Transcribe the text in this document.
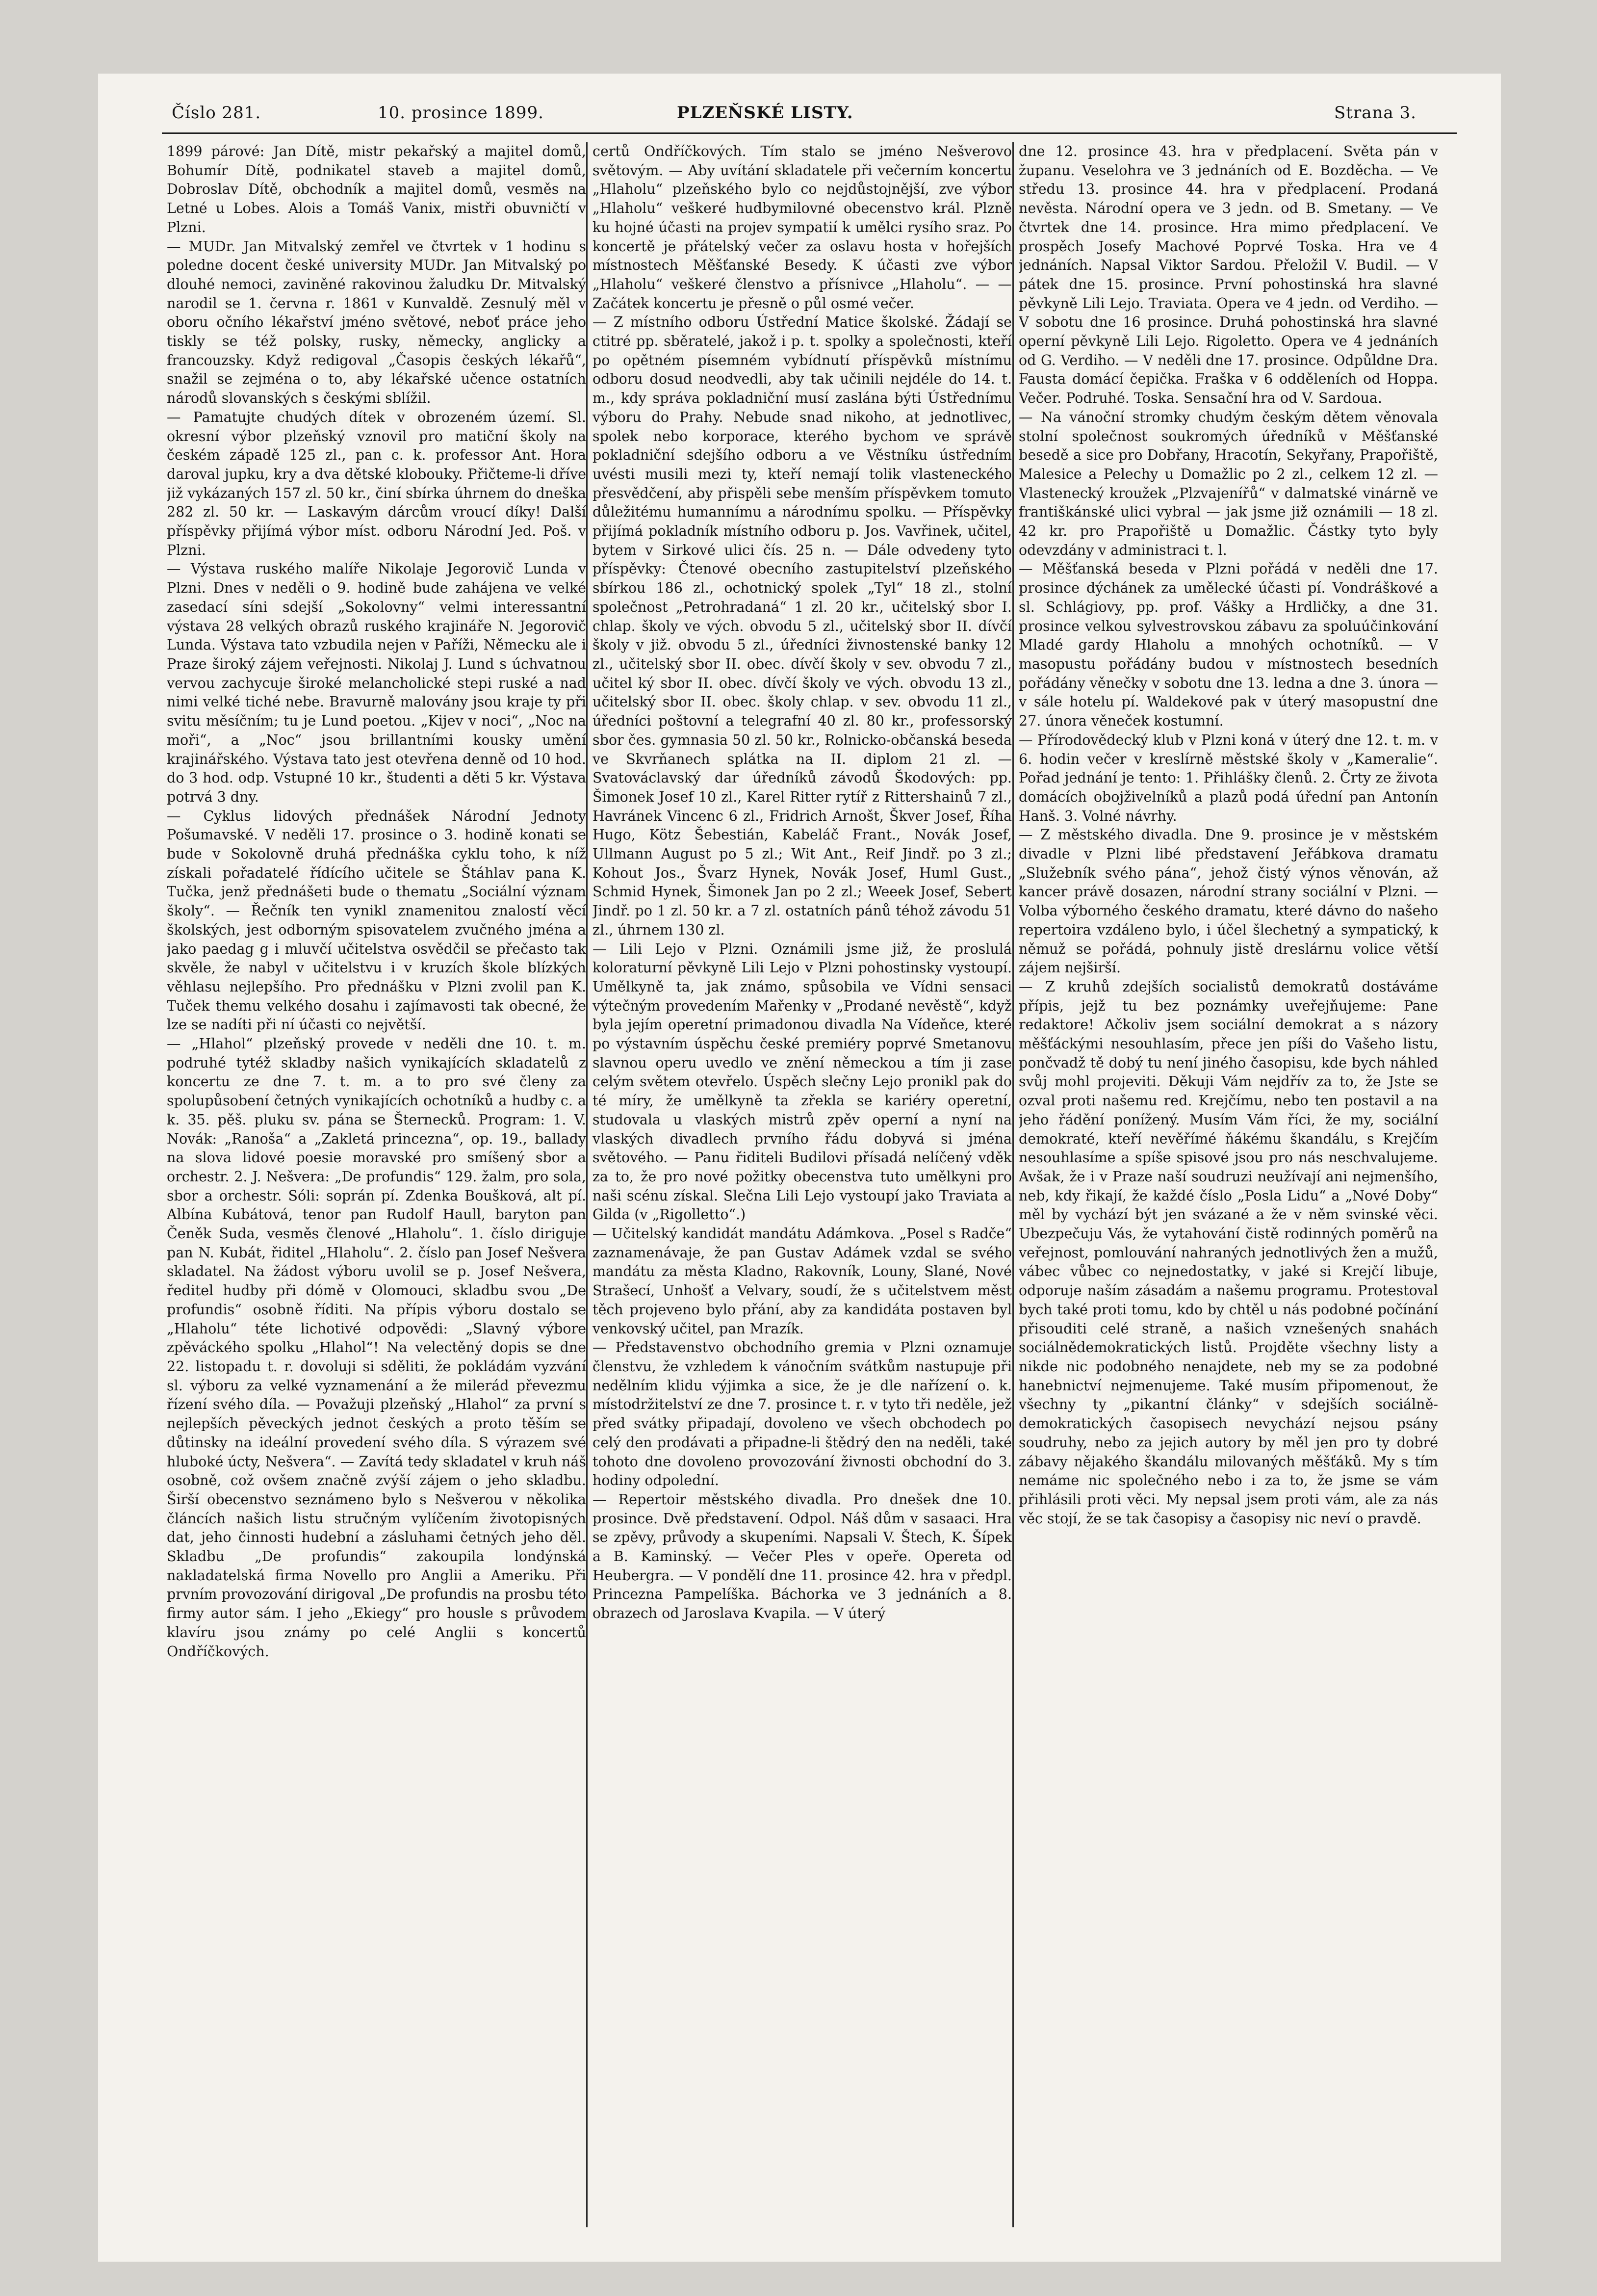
Číslo 281.	10. prosince 1899.	PLZEŇSKÉ LISTY.	Strana 3.

1899 párové: Jan Dítě, mistr pekařský a majitel domů, Bohumír Dítě, podnikatel staveb a majitel domů, Dobroslav Dítě, obchodník a majitel domů, vesměs na Letné u Lobes. Alois a Tomáš Vanix, mistři obuvničtí v Plzni.

— MUDr. Jan Mitvalský zemřel ve čtvrtek v 1 hodinu s poledne docent české university MUDr. Jan Mitvalský po dlouhé nemoci, zaviněné rakovinou žaludku Dr. Mitvalský narodil se 1. června r. 1861 v Kunvaldě. Zesnulý měl v oboru očního lékařství jméno světové, neboť práce jeho tiskly se též polsky, rusky, německy, anglicky a francouzsky. Když redigoval „Časopis českých lékařů“, snažil se zejména o to, aby lékařské učence ostatních národů slovanských s českými sblížil.

— Pamatujte chudých dítek v obrozeném území. Sl. okresní výbor plzeňský vznovil pro matiční školy na českém západě 125 zl., pan c. k. professor Ant. Hora daroval jupku, kry a dva dětské klobouky. Přičteme-li dříve již vykázaných 157 zl. 50 kr., činí sbírka úhrnem do dneška 282 zl. 50 kr. — Laskavým dárcům vroucí díky! Další příspěvky přijímá výbor míst. odboru Národní Jed. Poš. v Plzni.

— Výstava ruského malíře Nikolaje Jegorovič Lunda v Plzni. Dnes v neděli o 9. hodině bude zahájena ve velké zasedací síni sdejší „Sokolovny“ velmi interessantní výstava 28 velkých obrazů ruského krajináře N. Jegorovič Lunda. Výstava tato vzbudila nejen v Paříži, Německu ale i Praze široký zájem veřejnosti. Nikolaj J. Lund s úchvatnou vervou zachycuje široké melancholické stepi ruské a nad nimi velké tiché nebe. Bravurně malovány jsou kraje ty při svitu měsíčním; tu je Lund poetou. „Kijev v noci“, „Noc na moři“, a „Noc“ jsou brillantními kousky umění krajinářského. Výstava tato jest otevřena denně od 10 hod. do 3 hod. odp. Vstupné 10 kr., študenti a děti 5 kr. Výstava potrvá 3 dny.

— Cyklus lidových přednášek Národní Jednoty Pošumavské. V neděli 17. prosince o 3. hodině konati se bude v Sokolovně druhá přednáška cyklu toho, k níž získali pořadatelé řídícího učitele se Štáhlav pana K. Tučka, jenž přednášeti bude o thematu „Sociální význam školy“. — Řečník ten vynikl znamenitou znalostí věcí školských, jest odborným spisovatelem zvučného jména a jako paedag g i mluvčí učitelstva osvědčil se přečasto tak skvěle, že nabyl v učitelstvu i v kruzích škole blízkých věhlasu nejlepšího. Pro přednášku v Plzni zvolil pan K. Tuček themu velkého dosahu i zajímavosti tak obecné, že lze se nadíti při ní účasti co největší.

— „Hlahol“ plzeňský provede v neděli dne 10. t. m. podruhé tytéž skladby našich vynikajících skladatelů z koncertu ze dne 7. t. m. a to pro své členy za spolupůsobení četných vynikajících ochotníků a hudby c. a k. 35. pěš. pluku sv. pána se Šternecků. Program: 1. V. Novák: „Ranoša“ a „Zakletá princezna“, op. 19., ballady na slova lidové poesie moravské pro smíšený sbor a orchestr. 2. J. Nešvera: „De profundis“ 129. žalm, pro sola, sbor a orchestr. Sóli: soprán pí. Zdenka Boušková, alt pí. Albína Kubátová, tenor pan Rudolf Haull, baryton pan Čeněk Suda, vesměs členové „Hlaholu“. 1. číslo diriguje pan N. Kubát, řiditel „Hlaholu“. 2. číslo pan Josef Nešvera skladatel. Na žádost výboru uvolil se p. Josef Nešvera, ředitel hudby při dómě v Olomouci, skladbu svou „De profundis“ osobně říditi. Na přípis výboru dostalo se „Hlaholu“ téte lichotivé odpovědi: „Slavný výbore zpěváckého spolku „Hlahol“! Na velectěný dopis se dne 22. listopadu t. r. dovoluji si sděliti, že pokládám vyzvání sl. výboru za velké vyznamenání a že milerád převezmu řízení svého díla. — Považuji plzeňský „Hlahol“ za první s nejlepších pěveckých jednot českých a proto těším se důtinsky na ideální provedení svého díla. S výrazem své hluboké úcty, Nešvera“. — Zavítá tedy skladatel v kruh náš osobně, což ovšem značně zvýší zájem o jeho skladbu. Širší obecenstvo seznámeno bylo s Nešverou v několika článcích našich listu stručným vylíčením životopisných dat, jeho činnosti hudební a zásluhami četných jeho děl. Skladbu „De profundis“ zakoupila londýnská nakladatelská firma Novello pro Anglii a Ameriku. Při prvním provozování dirigoval „De profundis na prosbu této firmy autor sám. I jeho „Ekiegy“ pro housle s průvodem klavíru jsou známy po celé Anglii s koncertů Ondříčkových.

certů Ondříčkových. Tím stalo se jméno Nešverovo světovým. — Aby uvítání skladatele při večerním koncertu „Hlaholu“ plzeňského bylo co nejdůstojnější, zve výbor „Hlaholu“ veškeré hudbymilovné obecenstvo král. Plzně ku hojné účasti na projev sympatií k umělci rysího sraz. Po koncertě je přátelský večer za oslavu hosta v hořejších místnostech Měšťanské Besedy. K účasti zve výbor „Hlaholu“ veškeré členstvo a přísnivce „Hlaholu“. — — Začátek koncertu je přesně o půl osmé večer.

— Z místního odboru Ústřední Matice školské. Žádají se ctitré pp. sběratelé, jakož i p. t. spolky a společnosti, kteří po opětném písemném vybídnutí příspěvků místnímu odboru dosud neodvedli, aby tak učinili nejdéle do 14. t. m., kdy správa pokladniční musí zaslána býti Ústřednímu výboru do Prahy. Nebude snad nikoho, at jednotlivec, spolek nebo korporace, kterého bychom ve správě pokladniční sdejšího odboru a ve Věstníku ústředním uvésti musili mezi ty, kteří nemají tolik vlasteneckého přesvědčení, aby přispěli sebe menším příspěvkem tomuto důležitému humannímu a národnímu spolku. — Příspěvky přijímá pokladník místního odboru p. Jos. Vavřinek, učitel, bytem v Sirkové ulici čís. 25 n. — Dále odvedeny tyto příspěvky: Čtenové obecního zastupitelství plzeňského sbírkou 186 zl., ochotnický spolek „Tyl“ 18 zl., stolní společnost „Petrohradaná“ 1 zl. 20 kr., učitelský sbor I. chlap. školy ve vých. obvodu 5 zl., učitelský sbor II. dívčí školy v již. obvodu 5 zl., úředníci živnostenské banky 12 zl., učitelský sbor II. obec. dívčí školy v sev. obvodu 7 zl., učitel ký sbor II. obec. dívčí školy ve vých. obvodu 13 zl., učitelský sbor II. obec. školy chlap. v sev. obvodu 11 zl., úředníci poštovní a telegrafní 40 zl. 80 kr., professorský sbor čes. gymnasia 50 zl. 50 kr., Rolnicko-občanská beseda ve Skvrňanech splátka na II. diplom 21 zl. — Svatováclavský dar úředníků závodů Škodových: pp. Šimonek Josef 10 zl., Karel Ritter rytíř z Rittershainů 7 zl., Havránek Vincenc 6 zl., Fridrich Arnošt, Škver Josef, Říha Hugo, Kötz Šebestián, Kabeláč Frant., Novák Josef, Ullmann August po 5 zl.; Wit Ant., Reif Jindř. po 3 zl.; Kohout Jos., Švarz Hynek, Novák Josef, Huml Gust., Schmid Hynek, Šimonek Jan po 2 zl.; Weeek Josef, Sebert Jindř. po 1 zl. 50 kr. a 7 zl. ostatních pánů téhož závodu 51 zl., úhrnem 130 zl.

— Lili Lejo v Plzni. Oznámili jsme již, že proslulá koloraturní pěvkyně Lili Lejo v Plzni pohostinsky vystoupí. Umělkyně ta, jak známo, spůsobila ve Vídni sensaci výtečným provedením Mařenky v „Prodané nevěstě“, když byla jejím operetní primadonou divadla Na Vídeňce, které po výstavním úspěchu české premiéry poprvé Smetanovu slavnou operu uvedlo ve znění německou a tím ji zase celým světem otevřelo. Úspěch slečny Lejo pronikl pak do té míry, že umělkyně ta zřekla se kariéry operetní, studovala u vlaských mistrů zpěv operní a nyní na vlaských divadlech prvního řádu dobyvá si jména světového. — Panu řiditeli Budilovi přísadá nelíčený vděk za to, že pro nové požitky obecenstva tuto umělkyni pro naši scénu získal. Slečna Lili Lejo vystoupí jako Traviata a Gilda (v „Rigolletto“.)

— Učitelský kandidát mandátu Adámkova. „Posel s Radče“ zaznamenávaje, že pan Gustav Adámek vzdal se svého mandátu za města Kladno, Rakovník, Louny, Slané, Nové Strašecí, Unhošť a Velvary, soudí, že s učitelstvem měst těch projeveno bylo přání, aby za kandidáta postaven byl venkovský učitel, pan Mrazík.

— Představenstvo obchodního gremia v Plzni oznamuje členstvu, že vzhledem k vánočním svátkům nastupuje při nedělním klidu výjimka a sice, že je dle nařízení o. k. místodržitelství ze dne 7. prosince t. r. v tyto tři neděle, jež před svátky připadají, dovoleno ve všech obchodech po celý den prodávati a připadne-li štědrý den na neděli, také tohoto dne dovoleno provozování živnosti obchodní do 3. hodiny odpolední.

— Repertoir městského divadla. Pro dnešek dne 10. prosince. Dvě představení. Odpol. Náš dům v sasaaci. Hra se zpěvy, průvody a skupeními. Napsali V. Štech, K. Šípek a B. Kaminský. — Večer Ples v opeře. Opereta od Heubergra. — V pondělí dne 11. prosince 42. hra v předpl. Princezna Pampelíška. Báchorka ve 3 jednáních a 8. obrazech od Jaroslava Kvapila. — V úterý

dne 12. prosince 43. hra v předplacení. Světa pán v županu. Veselohra ve 3 jednáních od E. Bozděcha. — Ve středu 13. prosince 44. hra v předplacení. Prodaná nevěsta. Národní opera ve 3 jedn. od B. Smetany. — Ve čtvrtek dne 14. prosince. Hra mimo předplacení. Ve prospěch Josefy Machové Poprvé Toska. Hra ve 4 jednáních. Napsal Viktor Sardou. Přeložil V. Budil. — V pátek dne 15. prosince. První pohostinská hra slavné pěvkyně Lili Lejo. Traviata. Opera ve 4 jedn. od Verdiho. — V sobotu dne 16 prosince. Druhá pohostinská hra slavné operní pěvkyně Lili Lejo. Rigoletto. Opera ve 4 jednáních od G. Verdiho. — V neděli dne 17. prosince. Odpůldne Dra. Fausta domácí čepička. Fraška v 6 odděleních od Hoppa. Večer. Podruhé. Toska. Sensační hra od V. Sardoua.

— Na vánoční stromky chudým českým dětem věnovala stolní společnost soukromých úředníků v Měšťanské besedě a sice pro Dobřany, Hracotín, Sekyřany, Prapořiště, Malesice a Pelechy u Domažlic po 2 zl., celkem 12 zl. — Vlastenecký kroužek „Plzvajenířů“ v dalmatské vinárně ve františkánské ulici vybral — jak jsme již oznámili — 18 zl. 42 kr. pro Prapořiště u Domažlic. Částky tyto byly odevzdány v administraci t. l.

— Měšťanská beseda v Plzni pořádá v neděli dne 17. prosince dýchánek za umělecké účasti pí. Vondráškové a sl. Schlágiovy, pp. prof. Vášky a Hrdličky, a dne 31. prosince velkou sylvestrovskou zábavu za spoluúčinkování Mladé gardy Hlaholu a mnohých ochotníků. — V masopustu pořádány budou v místnostech besedních pořádány věnečky v sobotu dne 13. ledna a dne 3. února — v sále hotelu pí. Waldekové pak v úterý masopustní dne 27. února věneček kostumní.

— Přírodovědecký klub v Plzni koná v úterý dne 12. t. m. v 6. hodin večer v kreslírně městské školy v „Kameralie“. Pořad jednání je tento: 1. Přihlášky členů. 2. Črty ze života domácích obojživelníků a plazů podá úřední pan Antonín Hanš. 3. Volné návrhy.

— Z městského divadla. Dne 9. prosince je v městském divadle v Plzni libé představení Jeřábkova dramatu „Služebník svého pána“, jehož čistý výnos věnován, až kancer právě dosazen, národní strany sociální v Plzni. — Volba výborného českého dramatu, které dávno do našeho repertoira vzdáleno bylo, i účel šlechetný a sympatický, k němuž se pořádá, pohnuly jistě dreslárnu volice větší zájem nejširší.

— Z kruhů zdejších socialistů demokratů dostáváme přípis, jejž tu bez poznámky uveřejňujeme: Pane redaktore! Ačkoliv jsem sociální demokrat a s názory měšťáckými nesouhlasím, přece jen píši do Vašeho listu, pončvadž tě dobý tu není jiného časopisu, kde bych náhled svůj mohl projeviti. Děkuji Vám nejdřív za to, že Jste se ozval proti našemu red. Krejčímu, nebo ten postavil a na jeho řádění ponížený. Musím Vám říci, že my, sociální demokraté, kteří nevěřímé ňákému škandálu, s Krejčím nesouhlasíme a spíše spisové jsou pro nás neschvalujeme. Avšak, že i v Praze naší soudruzi neužívají ani nejmenšího, neb, kdy řikají, že každé číslo „Posla Lidu“ a „Nové Doby“ měl by vychází být jen svázané a že v něm svinské věci. Ubezpečuju Vás, že vytahování čistě rodinných poměrů na veřejnost, pomlouvání nahraných jednotlivých žen a mužů, vábec vůbec co nejnedostatky, v jaké si Krejčí libuje, odporuje naším zásadám a našemu programu. Protestoval bych také proti tomu, kdo by chtěl u nás podobné počínání přisouditi celé straně, a našich vznešených snahách sociálnědemokratických listů. Projděte všechny listy a nikde nic podobného nenajdete, neb my se za podobné hanebnictví nejmenujeme. Také musím připomenout, že všechny ty „pikantní články“ v sdejších sociálně-demokratických časopisech nevychází nejsou psány soudruhy, nebo za jejich autory by měl jen pro ty dobré zábavy nějakého škandálu milovaných měšťáků. My s tím nemáme nic společného nebo i za to, že jsme se vám přihlásili proti věci. My nepsal jsem proti vám, ale za nás věc stojí, že se tak časopisy a časopisy nic neví o pravdě.
